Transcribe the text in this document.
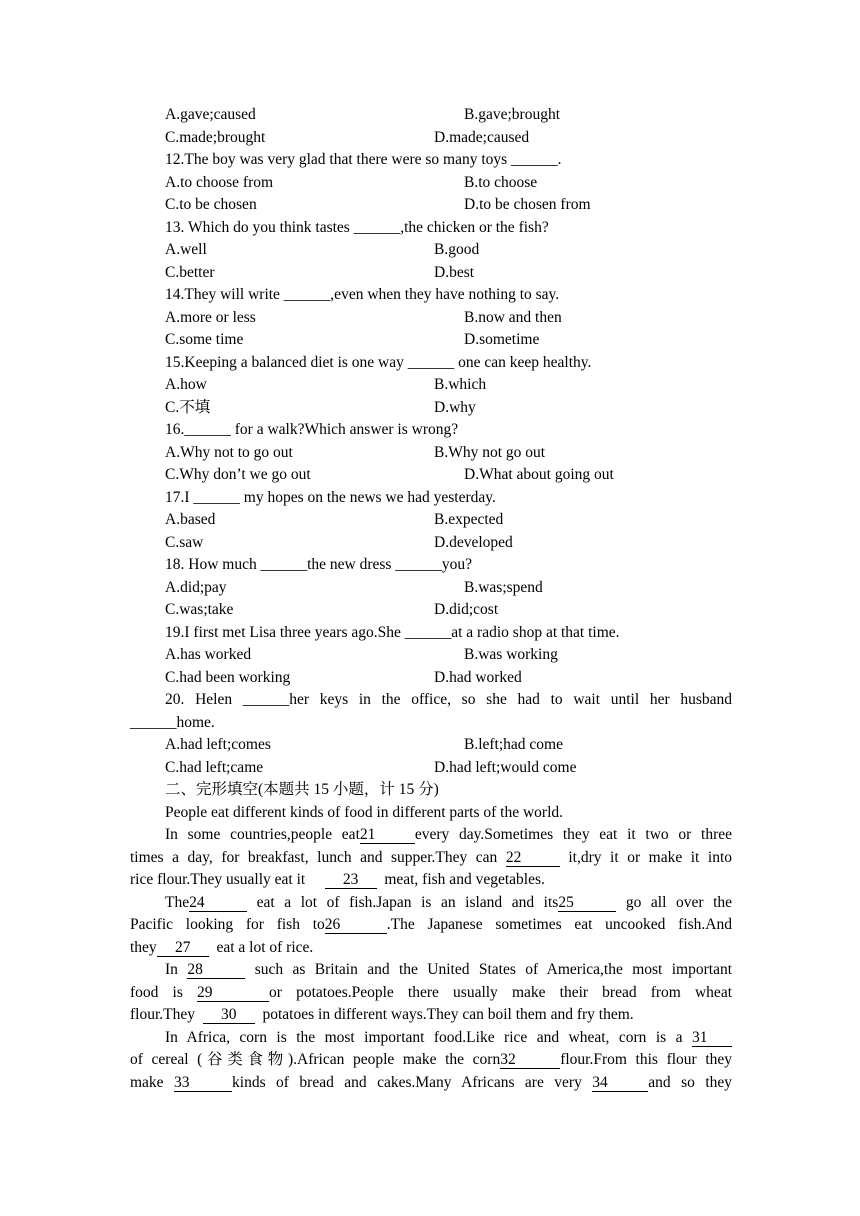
A.gave;caused	B.gave;brought
C.made;brought	D.made;caused
12.The boy was very glad that there were so many toys ______.
A.to choose from	B.to choose
C.to be chosen	D.to be chosen from
13. Which do you think tastes ______,the chicken or the fish?
A.well	B.good
C.better	D.best
14.They will write ______,even when they have nothing to say.
A.more or less	B.now and then
C.some time	D.sometime
15.Keeping a balanced diet is one way ______ one can keep healthy.
A.how	B.which
C.不填	D.why
16.______ for a walk?Which answer is wrong?
A.Why not to go out	B.Why not go out
C.Why don’t we go out	D.What about going out
17.I ______ my hopes on the news we had yesterday.
A.based	B.expected
C.saw	D.developed
18. How much ______the new dress ______you?
A.did;pay	B.was;spend
C.was;take	D.did;cost
19.I first met Lisa three years ago.She ______at a radio shop at that time.
A.has worked	B.was working
C.had been working	D.had worked
20. Helen ______her keys in the office, so she had to wait until her husband
______home.
A.had left;comes	B.left;had come
C.had left;came	D.had left;would come
二、完形填空(本题共 15 小题，计 15 分)
People eat different kinds of food in different parts of the world.
In some countries,people eat21	every day.Sometimes they eat it two or three
times a day, for breakfast, lunch and supper.They can 22	it,dry it or make it into
rice flour.They usually eat it 23 meat, fish and vegetables.
The24	eat a lot of fish.Japan is an island and its25	go all over the
Pacific looking for fish to26	.The Japanese sometimes eat uncooked fish.And
they 27 eat a lot of rice.
In 28	such as Britain and the United States of America,the most important
food is 29	or potatoes.People there usually make their bread from wheat
flour.They 30 potatoes in different ways.They can boil them and fry them.
In Africa, corn is the most important food.Like rice and wheat, corn is a 31
of cereal (谷类食物).African people make the corn32	flour.From this flour they
make 33	kinds of bread and cakes.Many Africans are very 34	and so they
